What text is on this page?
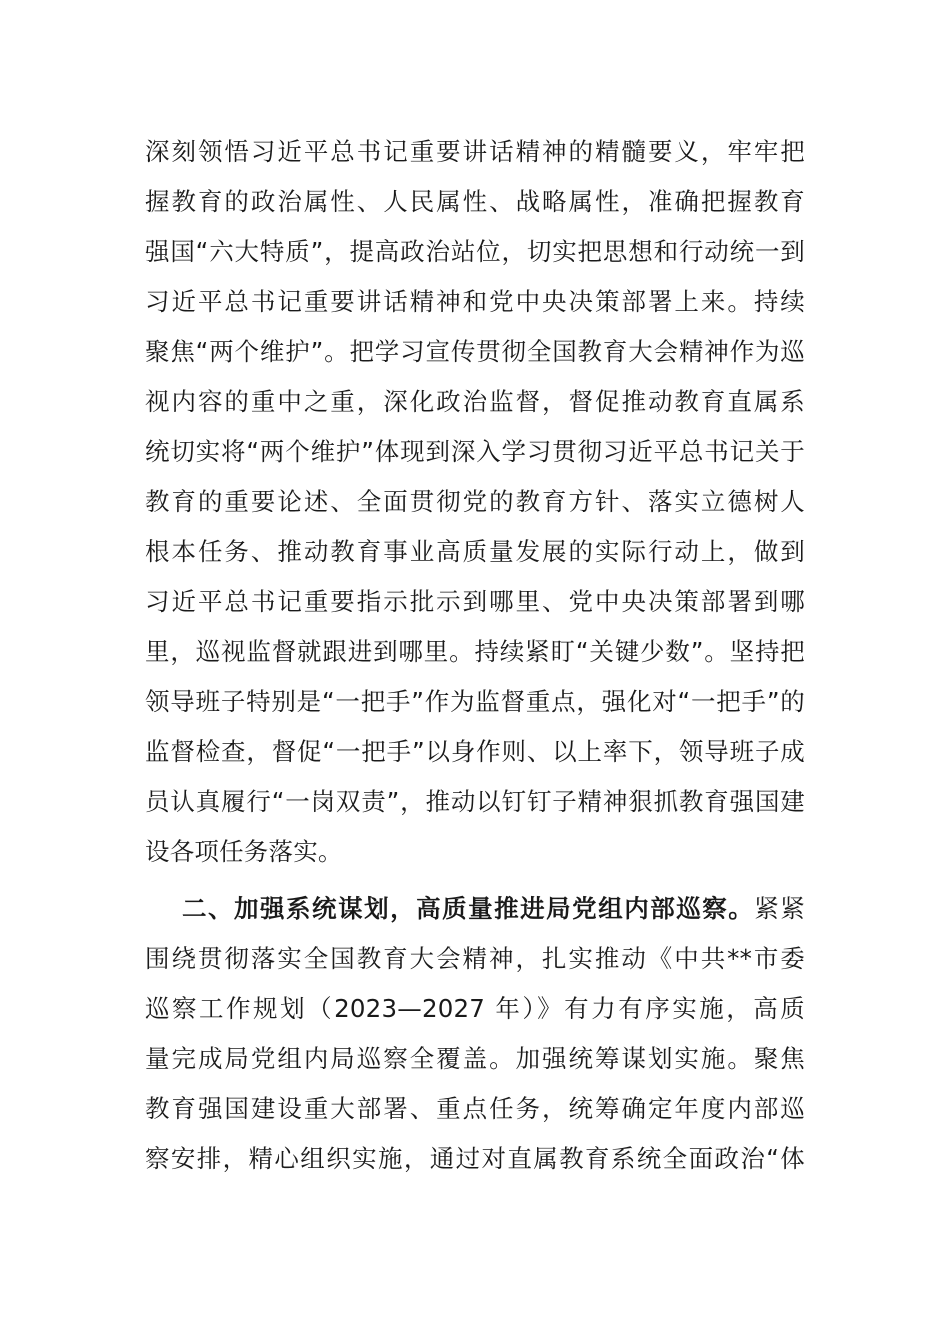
深刻领悟习近平总书记重要讲话精神的精髓要义，牢牢把
握教育的政治属性、人民属性、战略属性，准确把握教育
强国“六大特质”，提高政治站位，切实把思想和行动统一到
习近平总书记重要讲话精神和党中央决策部署上来。持续
聚焦“两个维护”。把学习宣传贯彻全国教育大会精神作为巡
视内容的重中之重，深化政治监督，督促推动教育直属系
统切实将“两个维护”体现到深入学习贯彻习近平总书记关于
教育的重要论述、全面贯彻党的教育方针、落实立德树人
根本任务、推动教育事业高质量发展的实际行动上，做到
习近平总书记重要指示批示到哪里、党中央决策部署到哪
里，巡视监督就跟进到哪里。持续紧盯“关键少数”。坚持把
领导班子特别是“一把手”作为监督重点，强化对“一把手”的
监督检查，督促“一把手”以身作则、以上率下，领导班子成
员认真履行“一岗双责”，推动以钉钉子精神狠抓教育强国建
设各项任务落实。
二、加强系统谋划，高质量推进局党组内部巡察。紧紧
围绕贯彻落实全国教育大会精神，扎实推动《中共**市委
巡察工作规划（2023—2027 年）》有力有序实施，高质
量完成局党组内局巡察全覆盖。加强统筹谋划实施。聚焦
教育强国建设重大部署、重点任务，统筹确定年度内部巡
察安排，精心组织实施，通过对直属教育系统全面政治“体
